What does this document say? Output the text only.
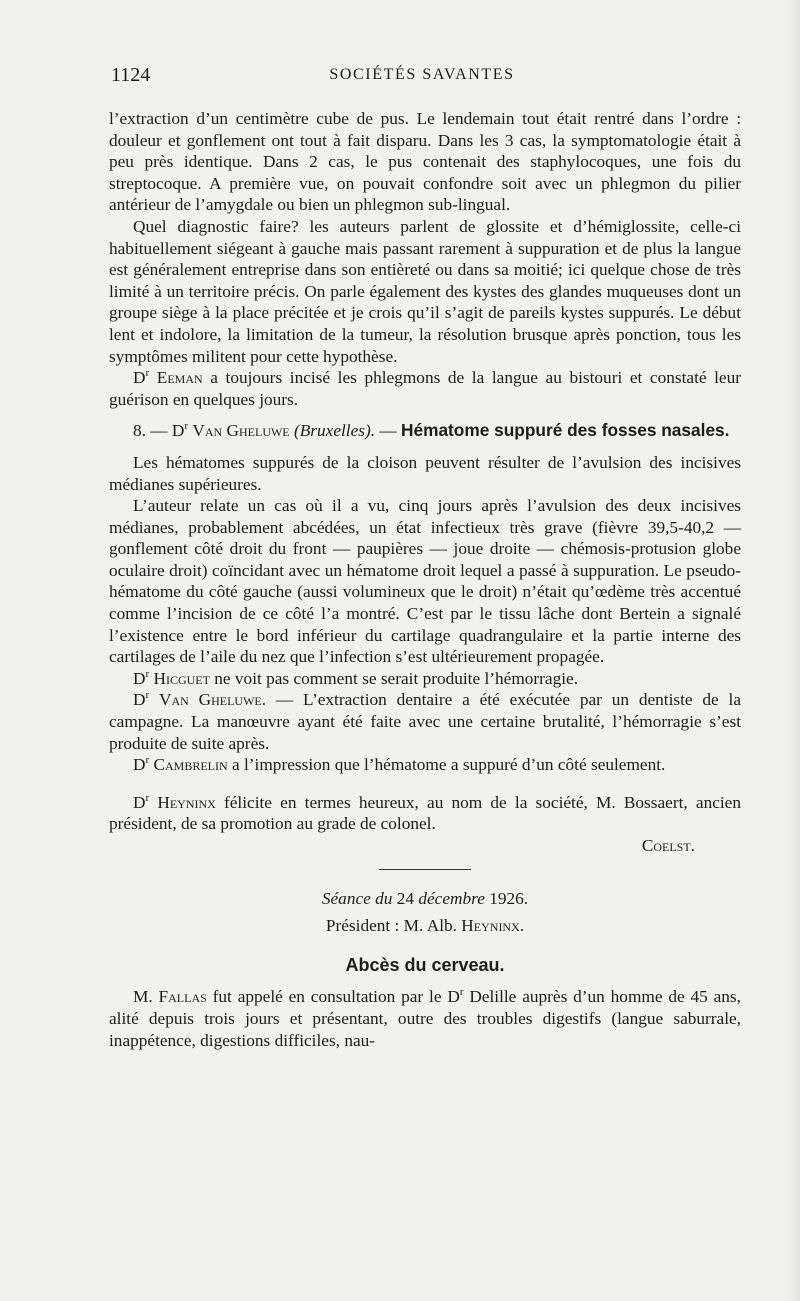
1124	SOCIÉTÉS SAVANTES

l’extraction d’un centimètre cube de pus. Le lendemain tout était rentré dans l’ordre : douleur et gonflement ont tout à fait disparu. Dans les 3 cas, la symptomatologie était à peu près identique. Dans 2 cas, le pus contenait des staphylocoques, une fois du streptocoque. A première vue, on pouvait confondre soit avec un phlegmon du pilier antérieur de l’amygdale ou bien un phlegmon sub-lingual.

Quel diagnostic faire? les auteurs parlent de glossite et d’hémiglossite, celle-ci habituellement siégeant à gauche mais passant rarement à suppuration et de plus la langue est généralement entreprise dans son entièreté ou dans sa moitié; ici quelque chose de très limité à un territoire précis. On parle également des kystes des glandes muqueuses dont un groupe siège à la place précitée et je crois qu’il s’agit de pareils kystes suppurés. Le début lent et indolore, la limitation de la tumeur, la résolution brusque après ponction, tous les symptômes militent pour cette hypothèse.

$D^r$ Eeman a toujours incisé les phlegmons de la langue au bistouri et constaté leur guérison en quelques jours.

8. — $D^r$ Van Gheluwe (Bruxelles). — Hématome suppuré des fosses nasales.

Les hématomes suppurés de la cloison peuvent résulter de l’avulsion des incisives médianes supérieures.

L’auteur relate un cas où il a vu, cinq jours après l’avulsion des deux incisives médianes, probablement abcédées, un état infectieux très grave (fièvre 39,5-40,2 — gonflement côté droit du front — paupières — joue droite — chémosis-protusion globe oculaire droit) coïncidant avec un hématome droit lequel a passé à suppuration. Le pseudo-hématome du côté gauche (aussi volumineux que le droit) n’était qu’œdème très accentué comme l’incision de ce côté l’a montré. C’est par le tissu lâche dont Bertein a signalé l’existence entre le bord inférieur du cartilage quadrangulaire et la partie interne des cartilages de l’aile du nez que l’infection s’est ultérieurement propagée.

$D^r$ Hicguet ne voit pas comment se serait produite l’hémorragie.

$D^r$ Van Gheluwe. — L’extraction dentaire a été exécutée par un dentiste de la campagne. La manœuvre ayant été faite avec une certaine brutalité, l’hémorragie s’est produite de suite après.

$D^r$ Cambrelin a l’impression que l’hématome a suppuré d’un côté seulement.

$D^r$ Heyninx félicite en termes heureux, au nom de la société, M. Bossaert, ancien président, de sa promotion au grade de colonel.

Coelst.

Séance du 24 décembre 1926.

Président : M. Alb. Heyninx.

Abcès du cerveau.

M. Fallas fut appelé en consultation par le $D^r$ Delille auprès d’un homme de 45 ans, alité depuis trois jours et présentant, outre des troubles digestifs (langue saburrale, inappétence, digestions difficiles, nau-
